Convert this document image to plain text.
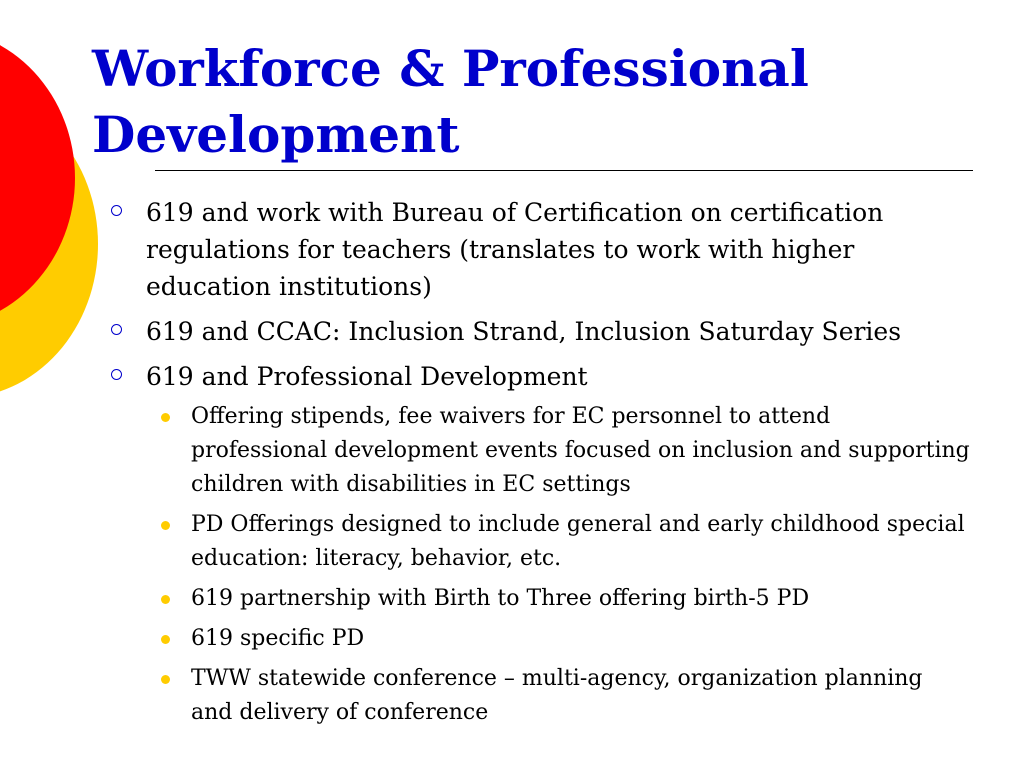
Workforce & Professional Development
619 and work with Bureau of Certification on certification regulations for teachers (translates to work with higher education institutions)
619 and CCAC: Inclusion Strand, Inclusion Saturday Series
619 and Professional Development
Offering stipends, fee waivers for EC personnel to attend professional development events focused on inclusion and supporting children with disabilities in EC settings
PD Offerings designed to include general and early childhood special education: literacy, behavior, etc.
619 partnership with Birth to Three offering birth-5 PD
619 specific PD
TWW statewide conference – multi-agency, organization planning and delivery of conference
